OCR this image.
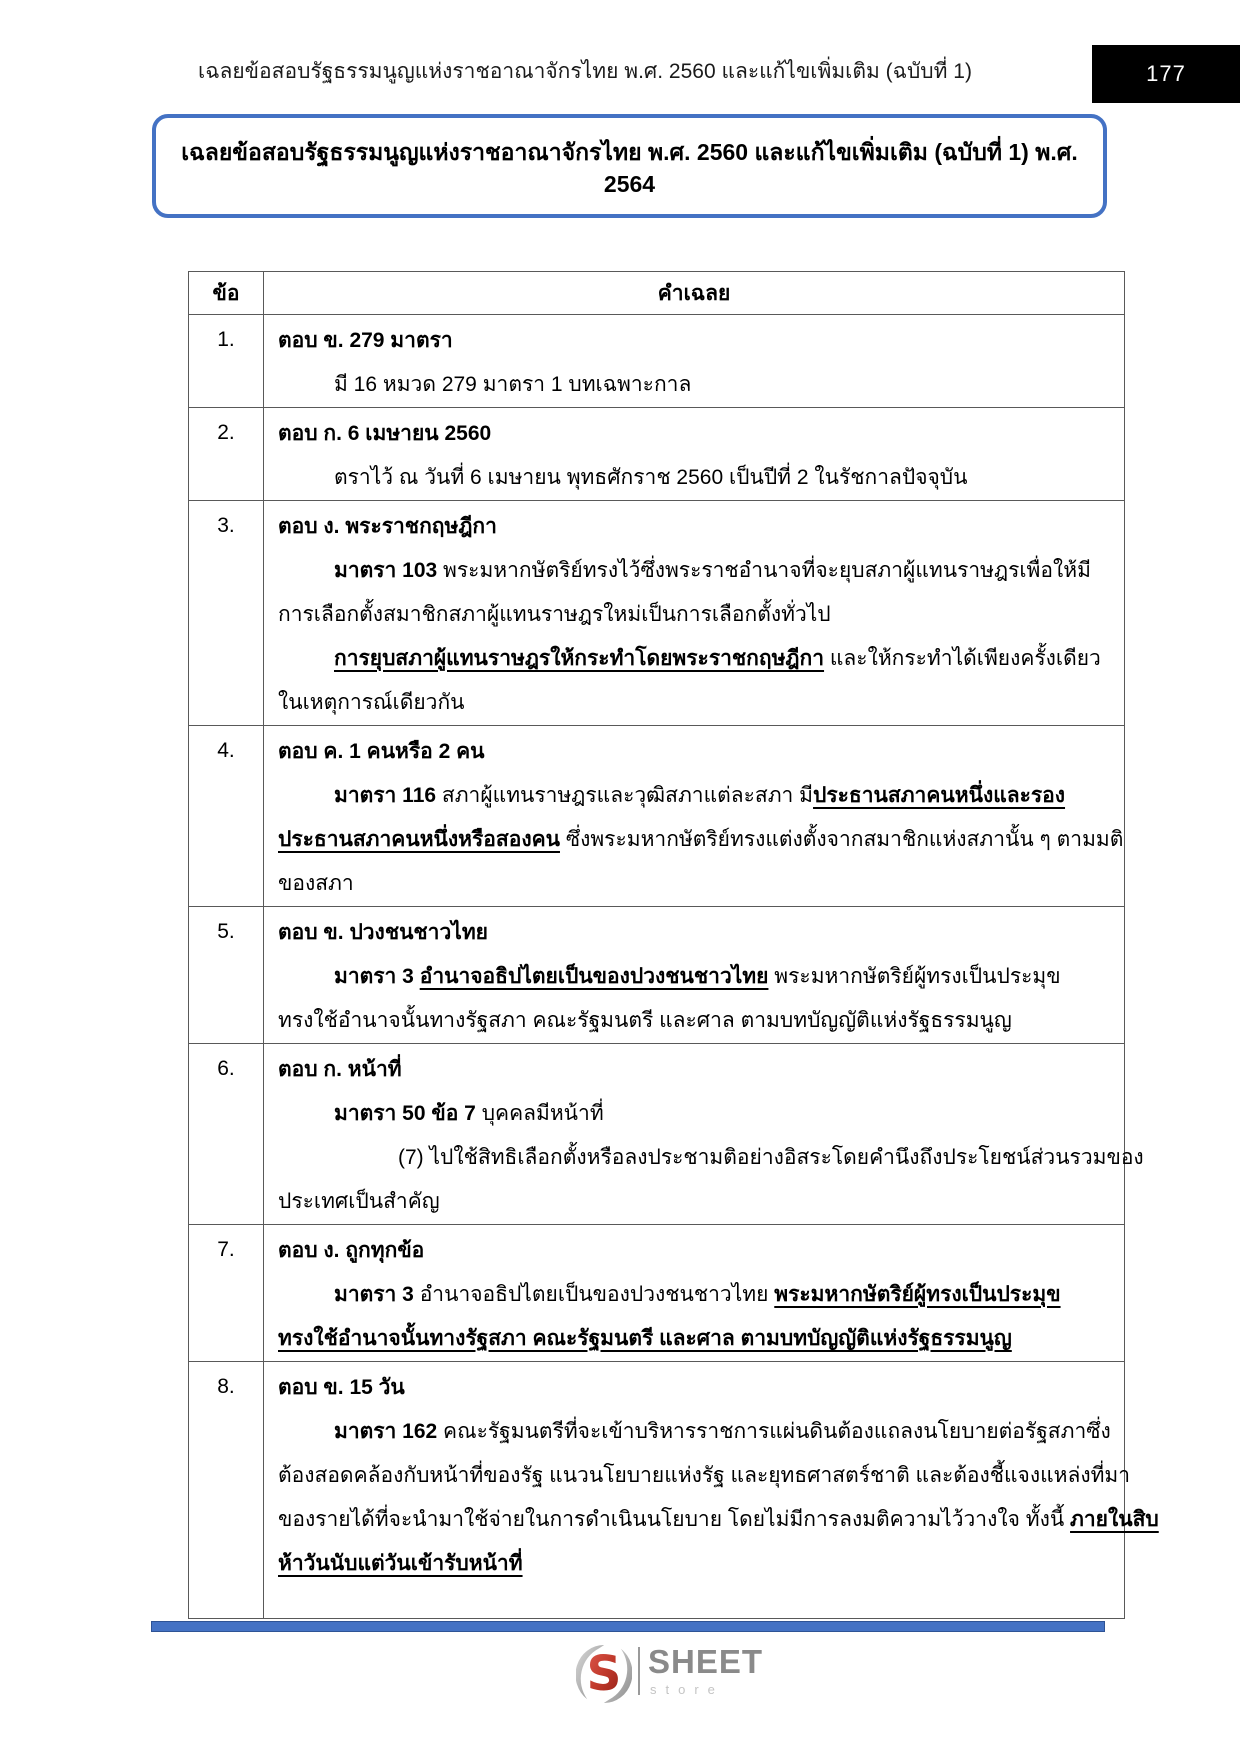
เฉลยข้อสอบรัฐธรรมนูญแห่งราชอาณาจักรไทย พ.ศ. 2560 และแก้ไขเพิ่มเติม (ฉบับที่ 1)	177
เฉลยข้อสอบรัฐธรรมนูญแห่งราชอาณาจักรไทย พ.ศ. 2560 และแก้ไขเพิ่มเติม (ฉบับที่ 1) พ.ศ. 2564
ข้อ	คำเฉลย
1.	ตอบ ข. 279 มาตรา
มี 16 หมวด 279 มาตรา 1 บทเฉพาะกาล

2.	ตอบ ก. 6 เมษายน 2560
ตราไว้ ณ วันที่ 6 เมษายน พุทธศักราช 2560 เป็นปีที่ 2 ในรัชกาลปัจจุบัน

3.	ตอบ ง. พระราชกฤษฎีกา
มาตรา 103 พระมหากษัตริย์ทรงไว้ซึ่งพระราชอำนาจที่จะยุบสภาผู้แทนราษฎรเพื่อให้มี
การเลือกตั้งสมาชิกสภาผู้แทนราษฎรใหม่เป็นการเลือกตั้งทั่วไป
การยุบสภาผู้แทนราษฎรให้กระทำโดยพระราชกฤษฎีกา และให้กระทำได้เพียงครั้งเดียว
ในเหตุการณ์เดียวกัน

4.	ตอบ ค. 1 คนหรือ 2 คน
มาตรา 116 สภาผู้แทนราษฎรและวุฒิสภาแต่ละสภา มีประธานสภาคนหนึ่งและรอง
ประธานสภาคนหนึ่งหรือสองคน ซึ่งพระมหากษัตริย์ทรงแต่งตั้งจากสมาชิกแห่งสภานั้น ๆ ตามมติ
ของสภา

5.	ตอบ ข. ปวงชนชาวไทย
มาตรา 3 อำนาจอธิปไตยเป็นของปวงชนชาวไทย พระมหากษัตริย์ผู้ทรงเป็นประมุข
ทรงใช้อำนาจนั้นทางรัฐสภา คณะรัฐมนตรี และศาล ตามบทบัญญัติแห่งรัฐธรรมนูญ

6.	ตอบ ก. หน้าที่
มาตรา 50 ข้อ 7 บุคคลมีหน้าที่
(7) ไปใช้สิทธิเลือกตั้งหรือลงประชามติอย่างอิสระโดยคำนึงถึงประโยชน์ส่วนรวมของ
ประเทศเป็นสำคัญ

7.	ตอบ ง. ถูกทุกข้อ
มาตรา 3 อำนาจอธิปไตยเป็นของปวงชนชาวไทย พระมหากษัตริย์ผู้ทรงเป็นประมุข
ทรงใช้อำนาจนั้นทางรัฐสภา คณะรัฐมนตรี และศาล ตามบทบัญญัติแห่งรัฐธรรมนูญ

8.	ตอบ ข. 15 วัน
มาตรา 162 คณะรัฐมนตรีที่จะเข้าบริหารราชการแผ่นดินต้องแถลงนโยบายต่อรัฐสภาซึ่ง
ต้องสอดคล้องกับหน้าที่ของรัฐ แนวนโยบายแห่งรัฐ และยุทธศาสตร์ชาติ และต้องชี้แจงแหล่งที่มา
ของรายได้ที่จะนำมาใช้จ่ายในการดำเนินนโยบาย โดยไม่มีการลงมติความไว้วางใจ ทั้งนี้ ภายในสิบ
ห้าวันนับแต่วันเข้ารับหน้าที่
S SHEET
store
